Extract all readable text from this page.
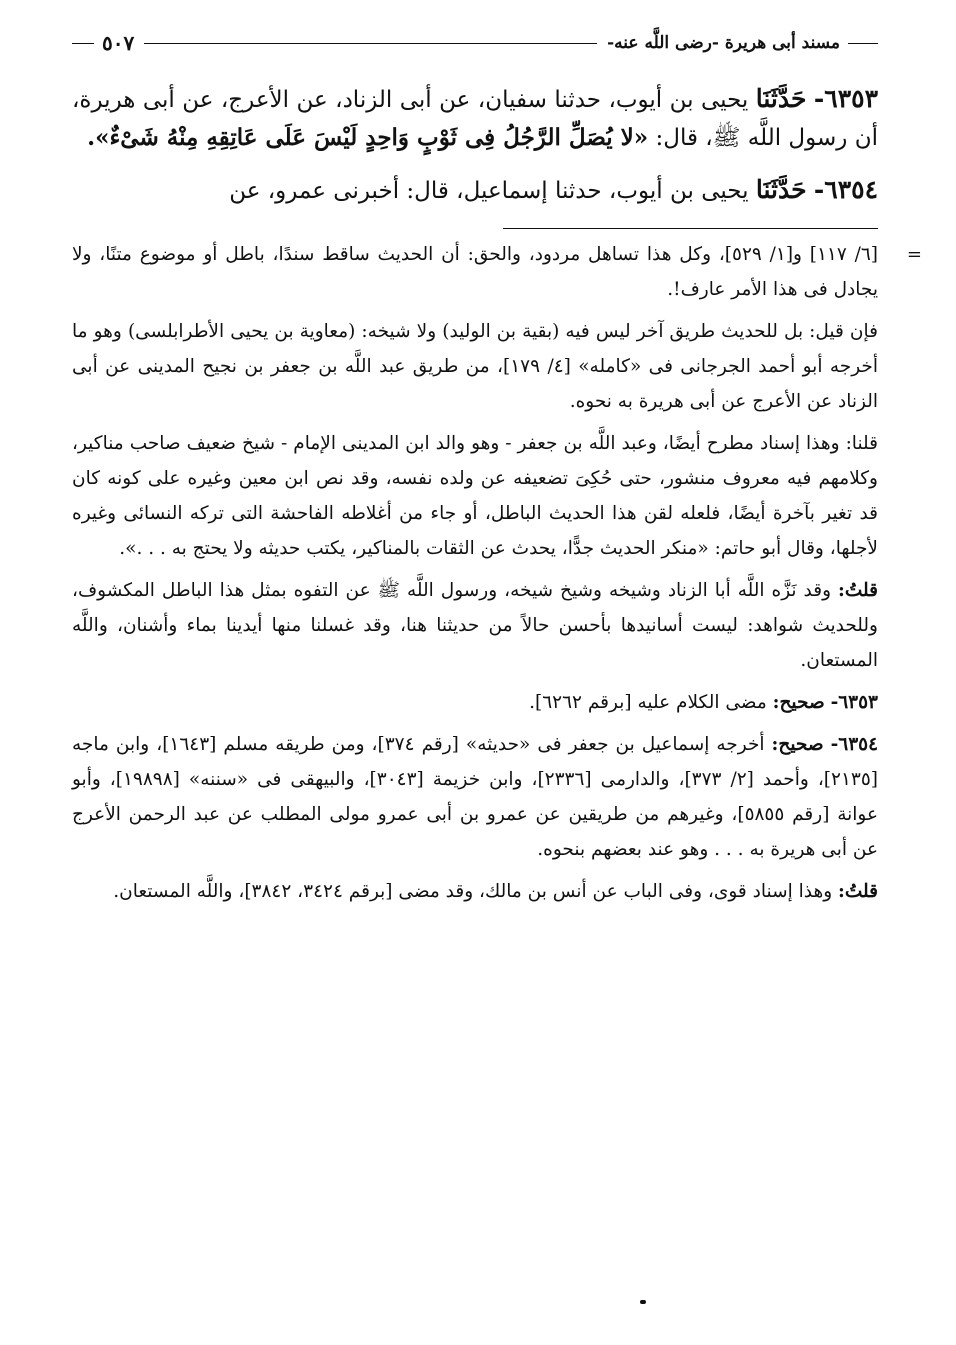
مسند أبى هريرة -رضى اللَّه عنه-
٥٠٧

٦٣٥٣- حَدَّثَنَا يحيى بن أيوب، حدثنا سفيان، عن أبى الزناد، عن الأعرج، عن أبى هريرة، أن رسول اللَّه ﷺ، قال: «لا يُصَلِّ الرَّجُلُ فِى ثَوْبٍ وَاحِدٍ لَيْسَ عَلَى عَاتِقِهِ مِنْهُ شَىْءٌ».

٦٣٥٤- حَدَّثَنَا يحيى بن أيوب، حدثنا إسماعيل، قال: أخبرنى عمرو، عن

=
[٦/ ١١٧] و[١/ ٥٢٩]، وكل هذا تساهل مردود، والحق: أن الحديث ساقط سندًا، باطل أو موضوع متنًا، ولا يجادل فى هذا الأمر عارف!.

فإن قيل: بل للحديث طريق آخر ليس فيه (بقية بن الوليد) ولا شيخه: (معاوية بن يحيى الأطرابلسى) وهو ما أخرجه أبو أحمد الجرجانى فى «كامله» [٤/ ١٧٩]، من طريق عبد اللَّه بن جعفر بن نجيح المدينى عن أبى الزناد عن الأعرج عن أبى هريرة به نحوه.

قلنا: وهذا إسناد مطرح أيضًا، وعبد اللَّه بن جعفر - وهو والد ابن المدينى الإمام - شيخ ضعيف صاحب مناكير، وكلامهم فيه معروف منشور، حتى حُكِىَ تضعيفه عن ولده نفسه، وقد نص ابن معين وغيره على كونه كان قد تغير بآخرة أيضًا، فلعله لقن هذا الحديث الباطل، أو جاء من أغلاطه الفاحشة التى تركه النسائى وغيره لأجلها، وقال أبو حاتم: «منكر الحديث جدًّا، يحدث عن الثقات بالمناكير، يكتب حديثه ولا يحتج به . . .».

قلتُ: وقد نَزَّه اللَّه أبا الزناد وشيخه وشيخ شيخه، ورسول اللَّه ﷺ عن التفوه بمثل هذا الباطل المكشوف، وللحديث شواهد: ليست أسانيدها بأحسن حالاً من حديثنا هنا، وقد غسلنا منها أيدينا بماء وأشنان، واللَّه المستعان.

٦٣٥٣- صحيح: مضى الكلام عليه [برقم ٦٢٦٢].

٦٣٥٤- صحيح: أخرجه إسماعيل بن جعفر فى «حديثه» [رقم ٣٧٤]، ومن طريقه مسلم [١٦٤٣]، وابن ماجه [٢١٣٥]، وأحمد [٢/ ٣٧٣]، والدارمى [٢٣٣٦]، وابن خزيمة [٣٠٤٣]، والبيهقى فى «سننه» [١٩٨٩٨]، وأبو عوانة [رقم ٥٨٥٥]، وغيرهم من طريقين عن عمرو بن أبى عمرو مولى المطلب عن عبد الرحمن الأعرج عن أبى هريرة به . . . وهو عند بعضهم بنحوه.

قلتُ: وهذا إسناد قوى، وفى الباب عن أنس بن مالك، وقد مضى [برقم ٣٤٢٤، ٣٨٤٢]، واللَّه المستعان.
